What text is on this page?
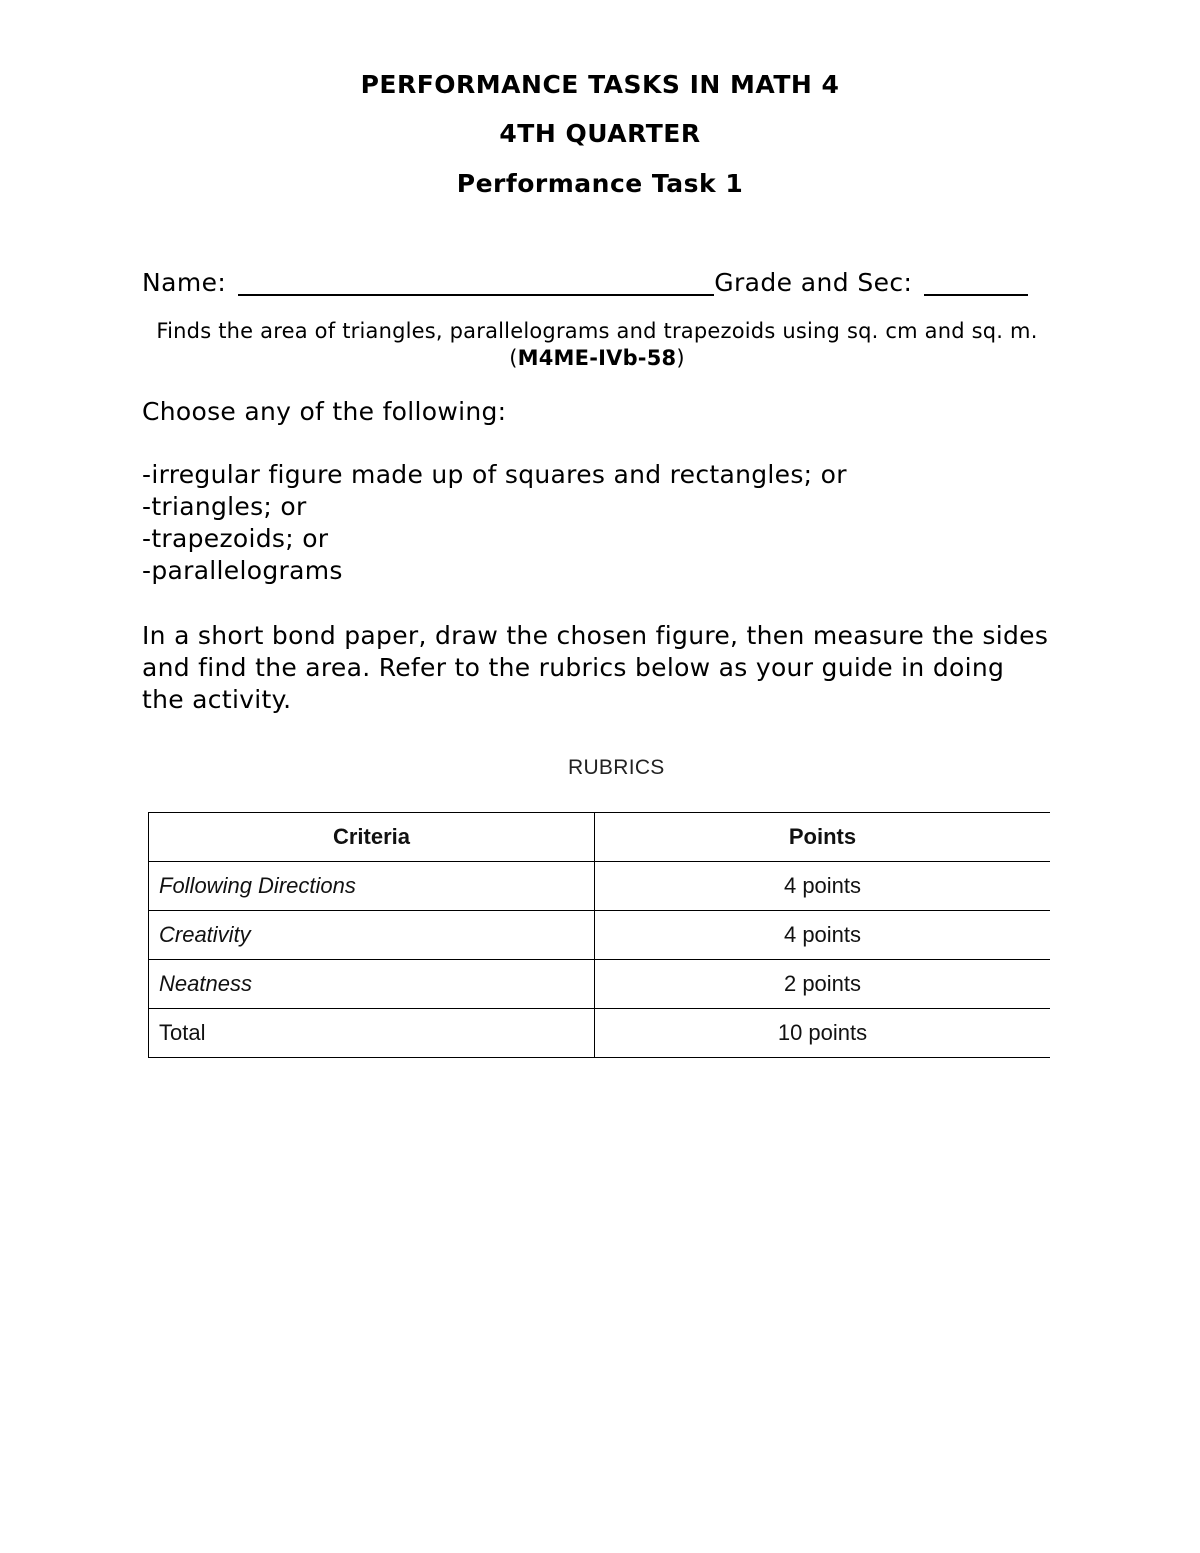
PERFORMANCE TASKS IN MATH 4

4TH QUARTER

Performance Task 1

Name:	Grade and Sec:
Finds the area of triangles, parallelograms and trapezoids using sq. cm and sq. m. (M4ME-IVb-58)
Choose any of the following:
-irregular figure made up of squares and rectangles; or
-triangles; or
-trapezoids; or
-parallelograms
In a short bond paper, draw the chosen figure, then measure the sides and find the area. Refer to the rubrics below as your guide in doing the activity.
RUBRICS
Criteria	Points
Following Directions	4 points
Creativity	4 points
Neatness	2 points
Total	10 points
